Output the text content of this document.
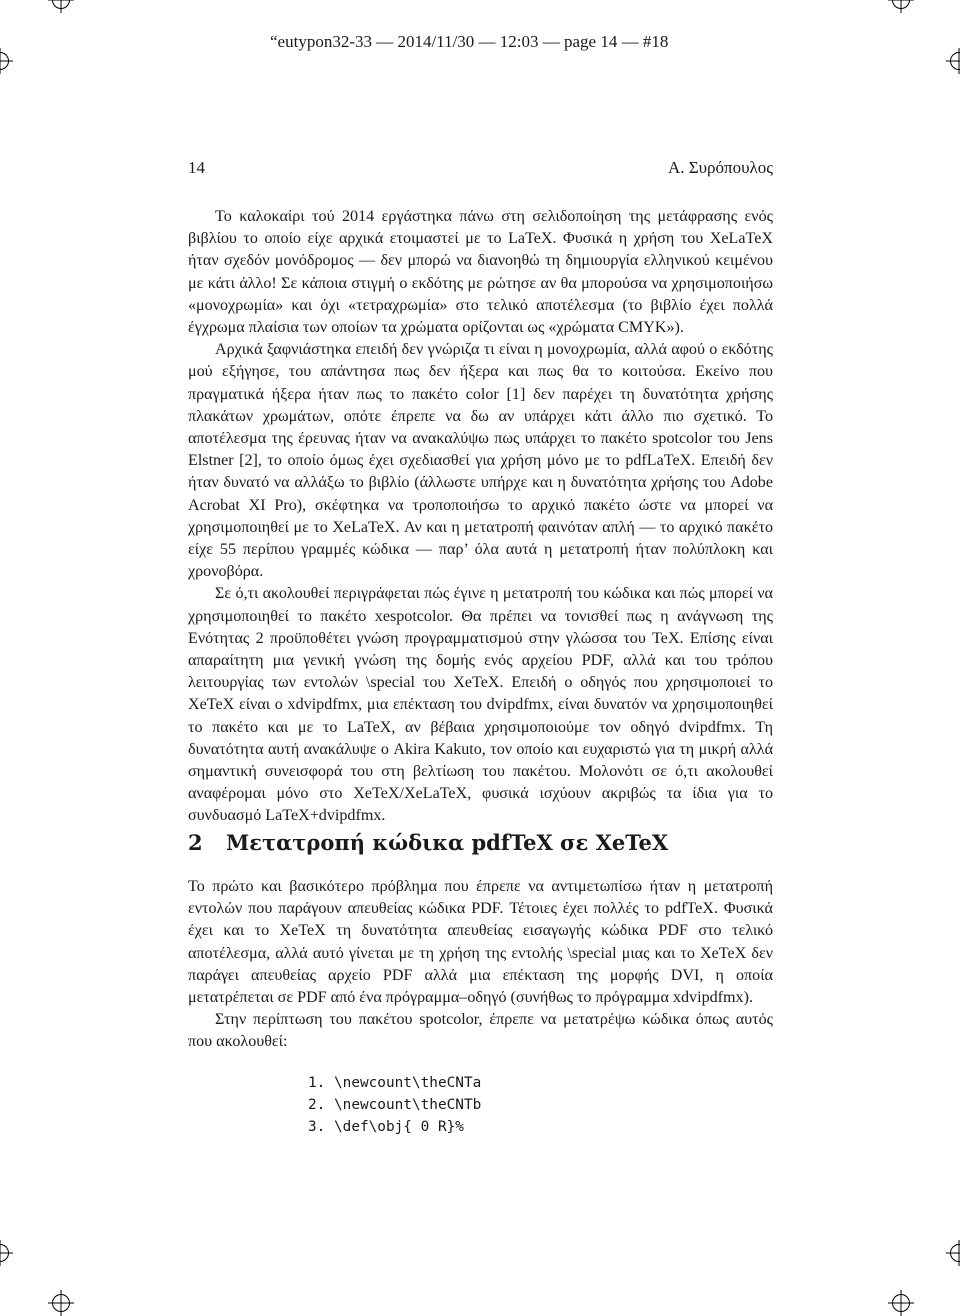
“eutypon32-33 — 2014/11/30 — 12:03 — page 14 — #18
14	Α. Συρόπουλος

Το καλοκαίρι τού 2014 εργάστηκα πάνω στη σελιδοποίηση της μετάφρασης ενός βιβλίου το οποίο είχε αρχικά ετοιμαστεί με το LaTeX. Φυσικά η χρήση του XeLaTeX ήταν σχεδόν μονόδρομος — δεν μπορώ να διανοηθώ τη δημιουργία ελληνικού κειμένου με κάτι άλλο! Σε κάποια στιγμή ο εκδότης με ρώτησε αν θα μπορούσα να χρησιμοποιήσω «μονοχρωμία» και όχι «τετραχρωμία» στο τελικό αποτέλεσμα (το βιβλίο έχει πολλά έγχρωμα πλαίσια των οποίων τα χρώματα ορίζονται ως «χρώματα CMYK»).

Αρχικά ξαφνιάστηκα επειδή δεν γνώριζα τι είναι η μονοχρωμία, αλλά αφού ο εκδότης μού εξήγησε, του απάντησα πως δεν ήξερα και πως θα το κοιτούσα. Εκείνο που πραγματικά ήξερα ήταν πως το πακέτο color [1] δεν παρέχει τη δυνατότητα χρήσης πλακάτων χρωμάτων, οπότε έπρεπε να δω αν υπάρχει κάτι άλλο πιο σχετικό. Το αποτέλεσμα της έρευνας ήταν να ανακαλύψω πως υπάρχει το πακέτο spotcolor του Jens Elstner [2], το οποίο όμως έχει σχεδιασθεί για χρήση μόνο με το pdfLaTeX. Επειδή δεν ήταν δυνατό να αλλάξω το βιβλίο (άλλωστε υπήρχε και η δυνατότητα χρήσης του Adobe Acrobat XI Pro), σκέφτηκα να τροποποιήσω το αρχικό πακέτο ώστε να μπορεί να χρησιμοποιηθεί με το XeLaTeX. Αν και η μετατροπή φαινόταν απλή — το αρχικό πακέτο είχε 55 περίπου γραμμές κώδικα — παρ’ όλα αυτά η μετατροπή ήταν πολύπλοκη και χρονοβόρα.

Σε ό,τι ακολουθεί περιγράφεται πώς έγινε η μετατροπή του κώδικα και πώς μπορεί να χρησιμοποιηθεί το πακέτο xespotcolor. Θα πρέπει να τονισθεί πως η ανάγνωση της Ενότητας 2 προϋποθέτει γνώση προγραμματισμού στην γλώσσα του TeX. Επίσης είναι απαραίτητη μια γενική γνώση της δομής ενός αρχείου PDF, αλλά και του τρόπου λειτουργίας των εντολών \special του XeTeX. Επειδή ο οδηγός που χρησιμοποιεί το XeTeX είναι ο xdvipdfmx, μια επέκταση του dvipdfmx, είναι δυνατόν να χρησιμοποιηθεί το πακέτο και με το LaTeX, αν βέβαια χρησιμοποιούμε τον οδηγό dvipdfmx. Τη δυνατότητα αυτή ανακάλυψε ο Akira Kakuto, τον οποίο και ευχαριστώ για τη μικρή αλλά σημαντική συνεισφορά του στη βελτίωση του πακέτου. Μολονότι σε ό,τι ακολουθεί αναφέρομαι μόνο στο XeTeX/XeLaTeX, φυσικά ισχύουν ακριβώς τα ίδια για το συνδυασμό LaTeX+dvipdfmx.

2 Μετατροπή κώδικα pdfTeX σε XeTeX

Το πρώτο και βασικότερο πρόβλημα που έπρεπε να αντιμετωπίσω ήταν η μετατροπή εντολών που παράγουν απευθείας κώδικα PDF. Τέτοιες έχει πολλές το pdfTeX. Φυσικά έχει και το XeTeX τη δυνατότητα απευθείας εισαγωγής κώδικα PDF στο τελικό αποτέλεσμα, αλλά αυτό γίνεται με τη χρήση της εντολής \special μιας και το XeTeX δεν παράγει απευθείας αρχείο PDF αλλά μια επέκταση της μορφής DVI, η οποία μετατρέπεται σε PDF από ένα πρόγραμμα–οδηγό (συνήθως το πρόγραμμα xdvipdfmx).

Στην περίπτωση του πακέτου spotcolor, έπρεπε να μετατρέψω κώδικα όπως αυτός που ακολουθεί:

1. \newcount\theCNTa
2. \newcount\theCNTb
3. \def\obj{ 0 R}%
